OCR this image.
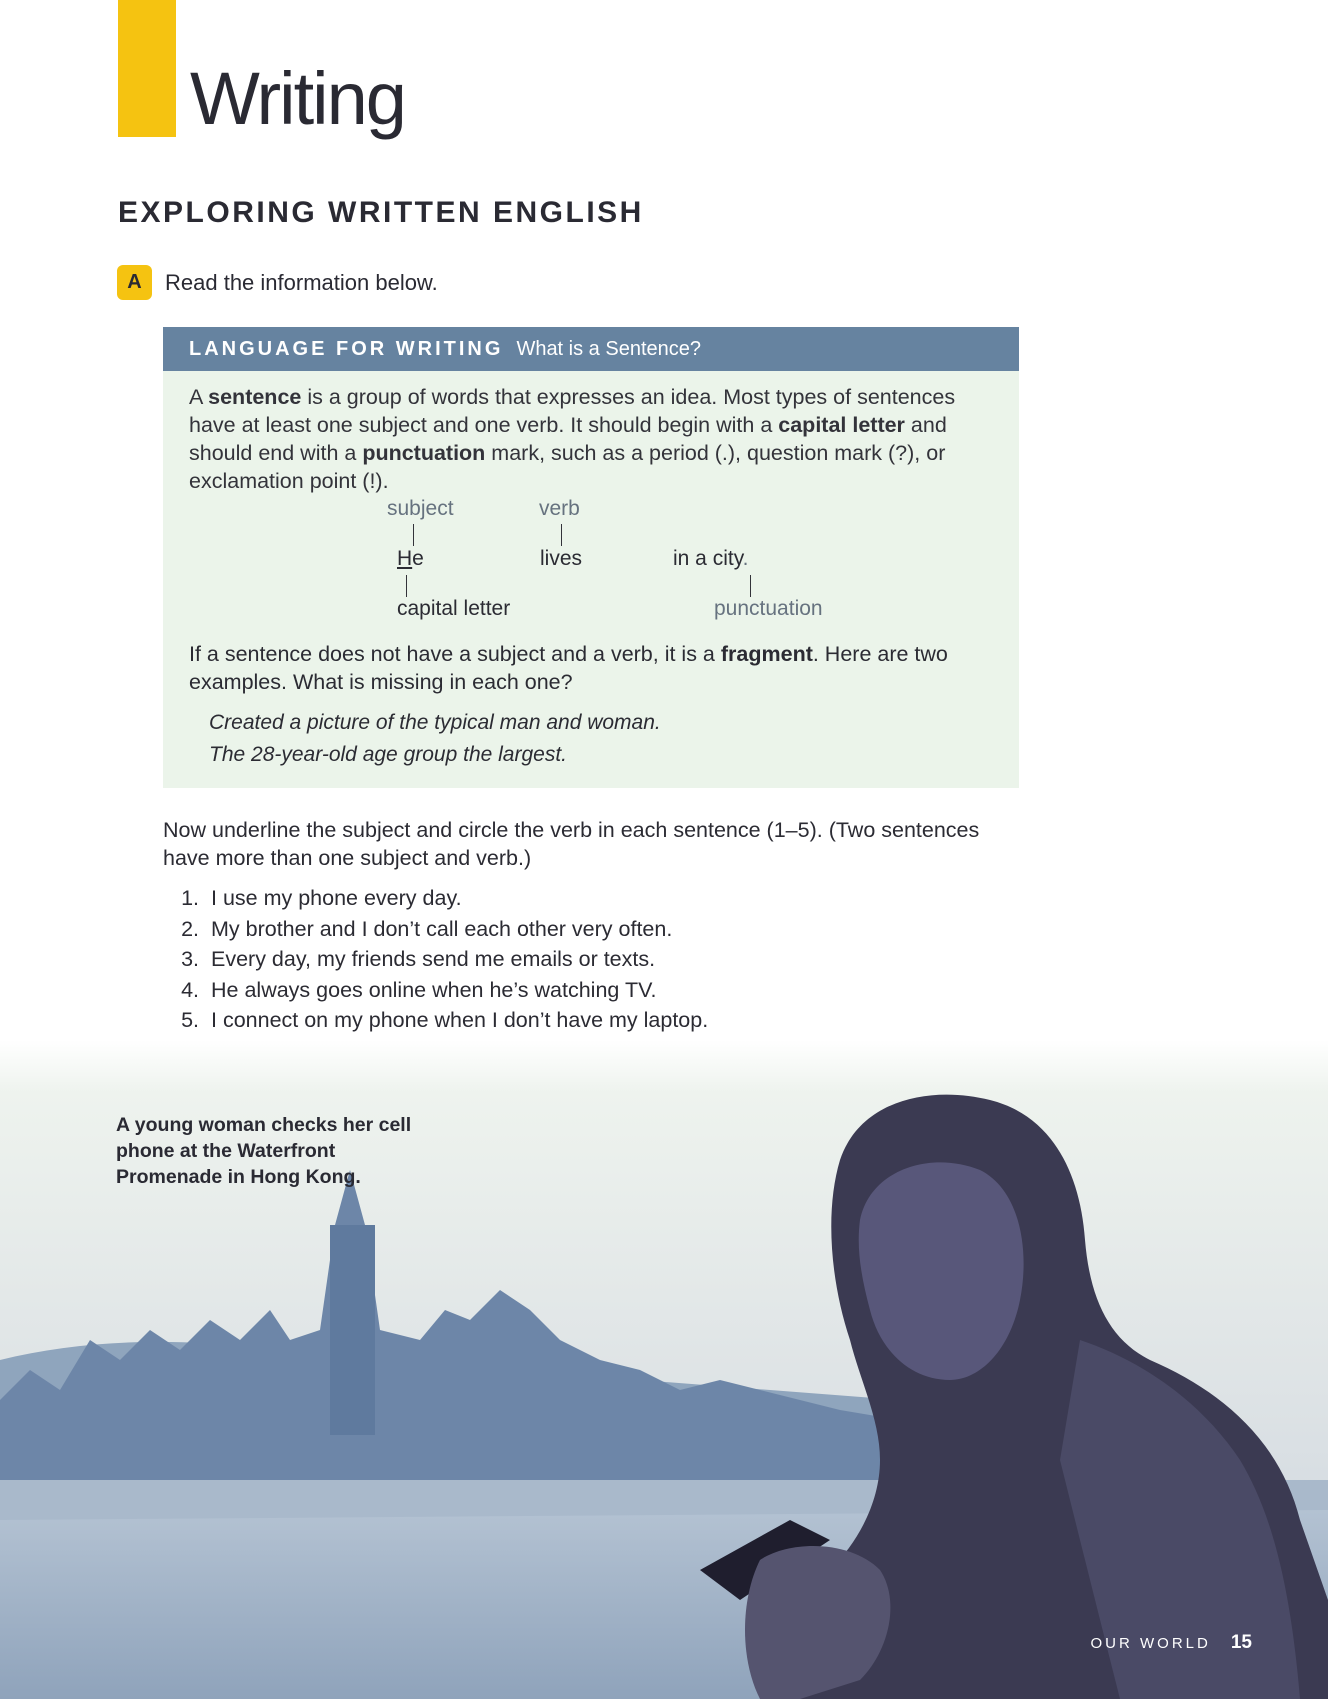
Writing
EXPLORING WRITTEN ENGLISH
A	Read the information below.
LANGUAGE FOR WRITING What is a Sentence?

A sentence is a group of words that expresses an idea. Most types of sentences have at least one subject and one verb. It should begin with a capital letter and should end with a punctuation mark, such as a period (.), question mark (?), or exclamation point (!).

subject	verb
He	lives	in a city.
capital letter	punctuation

If a sentence does not have a subject and a verb, it is a fragment. Here are two examples. What is missing in each one?

Created a picture of the typical man and woman.
The 28-year-old age group the largest.

Now underline the subject and circle the verb in each sentence (1–5). (Two sentences have more than one subject and verb.)

1. I use my phone every day.
2. My brother and I don’t call each other very often.
3. Every day, my friends send me emails or texts.
4. He always goes online when he’s watching TV.
5. I connect on my phone when I don’t have my laptop.
A young woman checks her cell phone at the Waterfront Promenade in Hong Kong.
OUR WORLD 15
